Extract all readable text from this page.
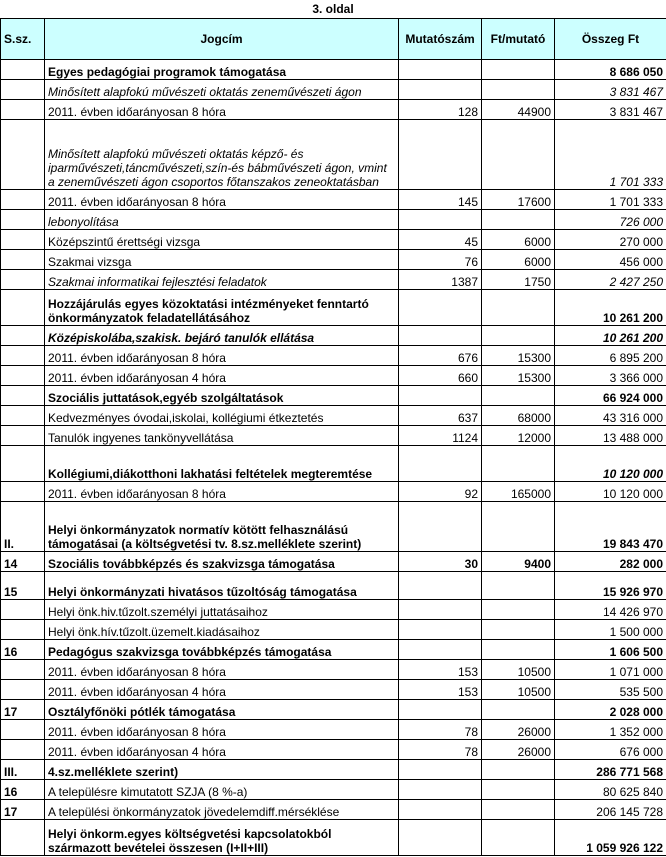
3. oldal
S.sz.	Jogcím	Mutatószám	Ft/mutató	Összeg Ft
	Egyes pedagógiai programok támogatása			8 686 050
	Minősített alapfokú művészeti oktatás zeneművészeti ágon			3 831 467
	2011. évben időarányosan 8 hóra	128	44900	3 831 467
	Minősített alapfokú művészeti oktatás képző- és iparművészeti,táncművészeti,szín-és bábművészeti ágon, vmint a zeneművészeti ágon csoportos főtanszakos zeneoktatásban			1 701 333
	2011. évben időarányosan 8 hóra	145	17600	1 701 333
	lebonyolítása			726 000
	Középszintű érettségi vizsga	45	6000	270 000
	Szakmai vizsga	76	6000	456 000
	Szakmai informatikai fejlesztési feladatok	1387	1750	2 427 250
	Hozzájárulás egyes közoktatási intézményeket fenntartó önkormányzatok feladatellátásához			10 261 200
	Középiskolába,szakisk. bejáró tanulók ellátása			10 261 200
	2011. évben időarányosan 8 hóra	676	15300	6 895 200
	2011. évben időarányosan 4 hóra	660	15300	3 366 000
	Szociális juttatások,egyéb szolgáltatások			66 924 000
	Kedvezményes óvodai,iskolai, kollégiumi étkeztetés	637	68000	43 316 000
	Tanulók ingyenes tankönyvellátása	1124	12000	13 488 000
	Kollégiumi,diákotthoni lakhatási feltételek megteremtése			10 120 000
	2011. évben időarányosan 8 hóra	92	165000	10 120 000
II.	Helyi önkormányzatok normatív kötött felhasználású támogatásai (a költségvetési tv. 8.sz.melléklete szerint)			19 843 470
14	Szociális továbbképzés és szakvizsga támogatása	30	9400	282 000
15	Helyi önkormányzati hivatásos tűzoltóság támogatása			15 926 970
	Helyi önk.hiv.tűzolt.személyi juttatásaihoz			14 426 970
	Helyi önk.hív.tűzolt.üzemelt.kiadásaihoz			1 500 000
16	Pedagógus szakvizsga továbbképzés támogatása			1 606 500
	2011. évben időarányosan 8 hóra	153	10500	1 071 000
	2011. évben időarányosan 4 hóra	153	10500	535 500
17	Osztályfőnöki pótlék támogatása			2 028 000
	2011. évben időarányosan 8 hóra	78	26000	1 352 000
	2011. évben időarányosan 4 hóra	78	26000	676 000
III.	4.sz.melléklete szerint)			286 771 568
16	A településre kimutatott SZJA (8 %-a)			80 625 840
17	A települési önkormányzatok jövedelemdiff.mérséklése			206 145 728
	Helyi önkorm.egyes költségvetési kapcsolatokból származott bevételei összesen (I+II+III)			1 059 926 122
